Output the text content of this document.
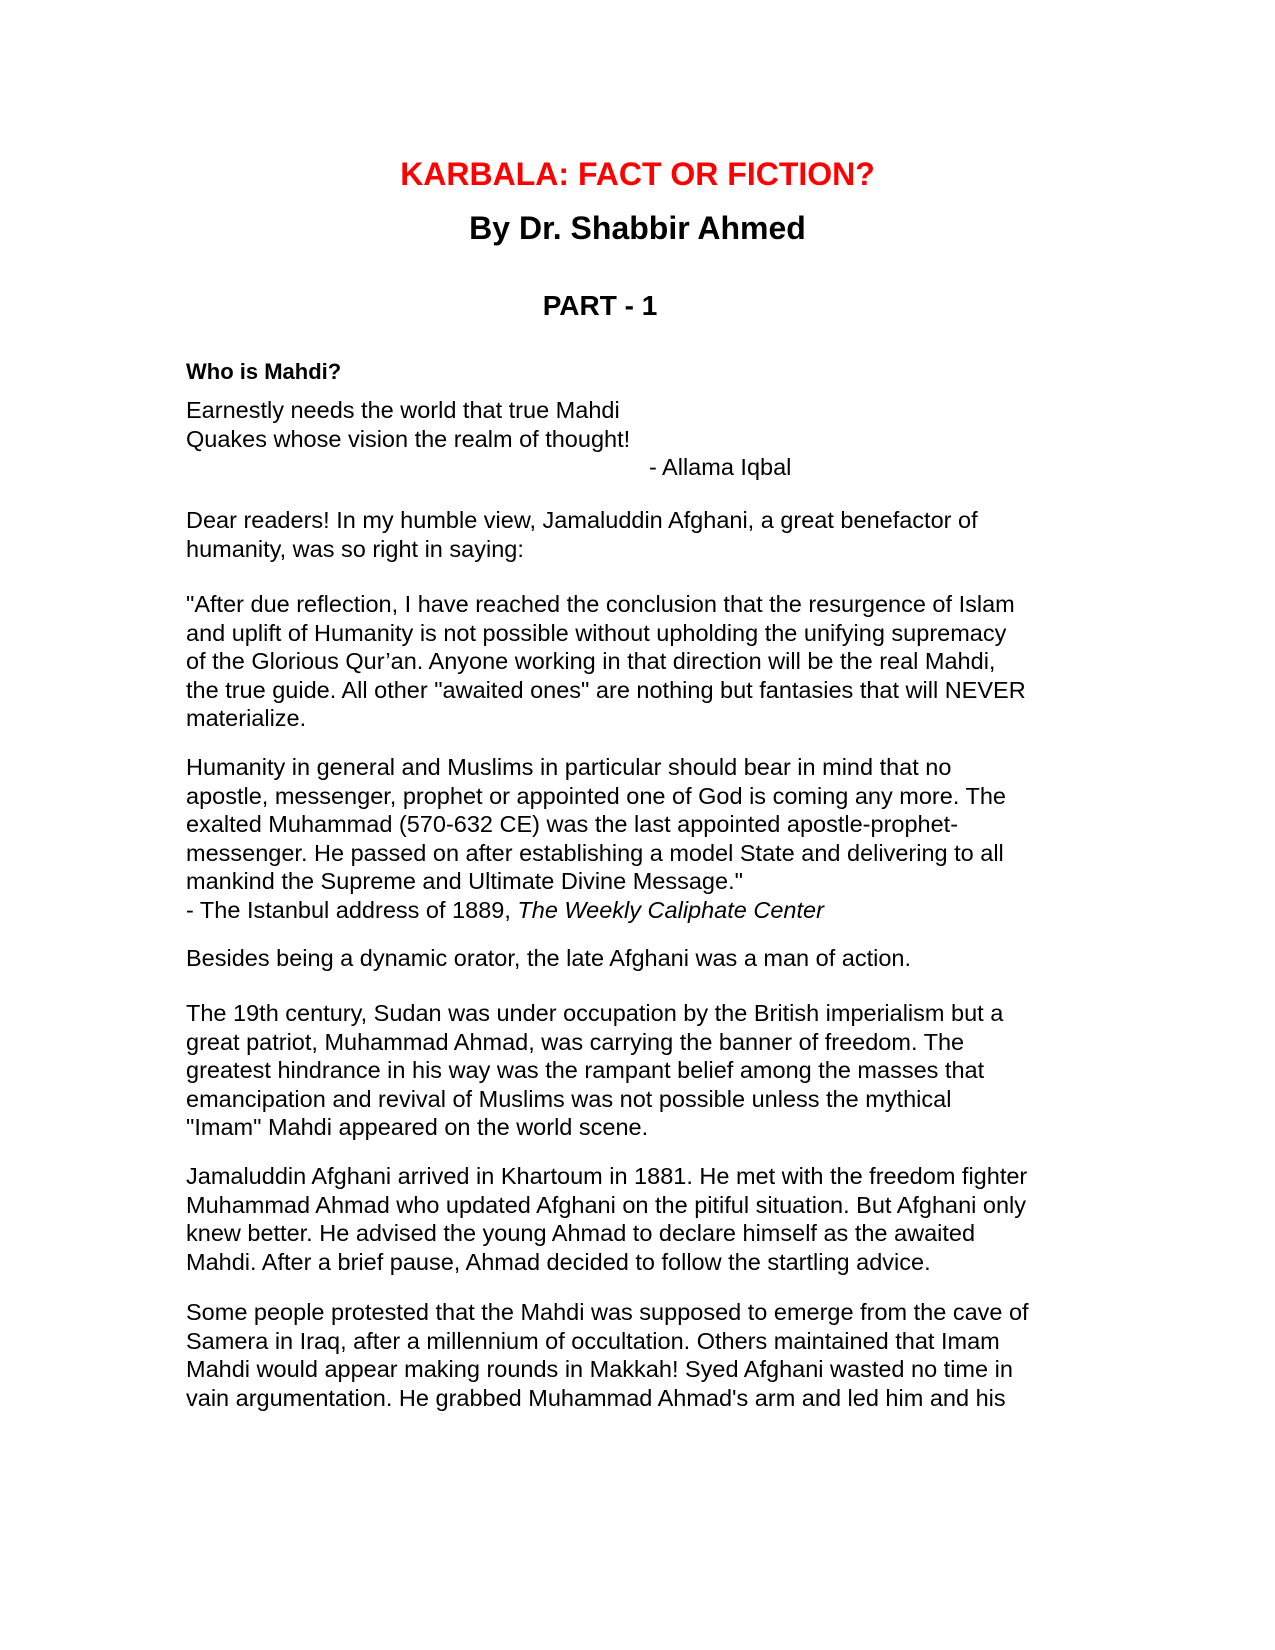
KARBALA: FACT OR FICTION?
By Dr. Shabbir Ahmed
PART - 1
Who is Mahdi?
Earnestly needs the world that true Mahdi
Quakes whose vision the realm of thought!
- Allama Iqbal
Dear readers! In my humble view, Jamaluddin Afghani, a great benefactor of
humanity, was so right in saying:
"After due reflection, I have reached the conclusion that the resurgence of Islam
and uplift of Humanity is not possible without upholding the unifying supremacy
of the Glorious Qur’an. Anyone working in that direction will be the real Mahdi,
the true guide. All other "awaited ones" are nothing but fantasies that will NEVER
materialize.
Humanity in general and Muslims in particular should bear in mind that no
apostle, messenger, prophet or appointed one of God is coming any more. The
exalted Muhammad (570-632 CE) was the last appointed apostle-prophet-
messenger. He passed on after establishing a model State and delivering to all
mankind the Supreme and Ultimate Divine Message."
- The Istanbul address of 1889, The Weekly Caliphate Center
Besides being a dynamic orator, the late Afghani was a man of action.
The 19th century, Sudan was under occupation by the British imperialism but a
great patriot, Muhammad Ahmad, was carrying the banner of freedom. The
greatest hindrance in his way was the rampant belief among the masses that
emancipation and revival of Muslims was not possible unless the mythical
"Imam" Mahdi appeared on the world scene.
Jamaluddin Afghani arrived in Khartoum in 1881. He met with the freedom fighter
Muhammad Ahmad who updated Afghani on the pitiful situation. But Afghani only
knew better. He advised the young Ahmad to declare himself as the awaited
Mahdi. After a brief pause, Ahmad decided to follow the startling advice.
Some people protested that the Mahdi was supposed to emerge from the cave of
Samera in Iraq, after a millennium of occultation. Others maintained that Imam
Mahdi would appear making rounds in Makkah! Syed Afghani wasted no time in
vain argumentation. He grabbed Muhammad Ahmad's arm and led him and his
